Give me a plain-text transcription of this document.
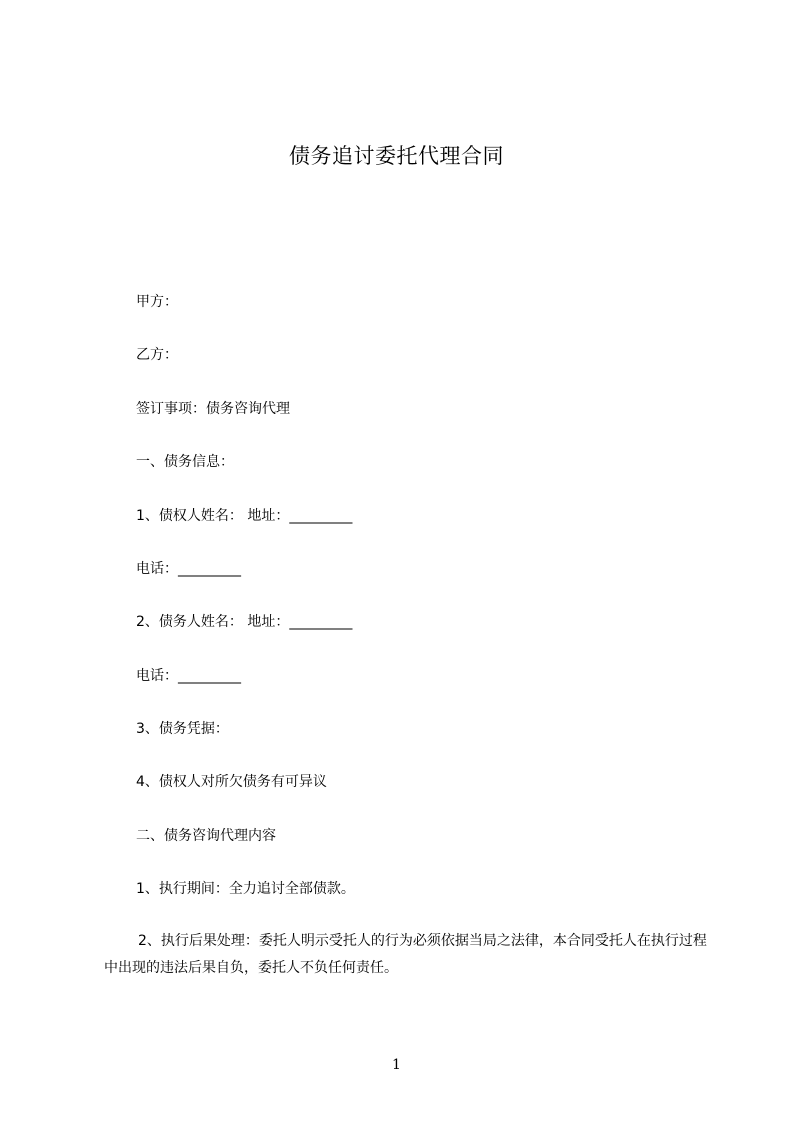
债务追讨委托代理合同
甲方：
乙方：
签订事项：债务咨询代理
一、债务信息：
1、债权人姓名： 地址：_________
电话：_________
2、债务人姓名： 地址：_________
电话：_________
3、债务凭据：
4、债权人对所欠债务有可异议
二、债务咨询代理内容
1、执行期间：全力追讨全部债款。
2、执行后果处理：委托人明示受托人的行为必须依据当局之法律，本合同受托人在执行过程中出现的违法后果自负，委托人不负任何责任。
1
